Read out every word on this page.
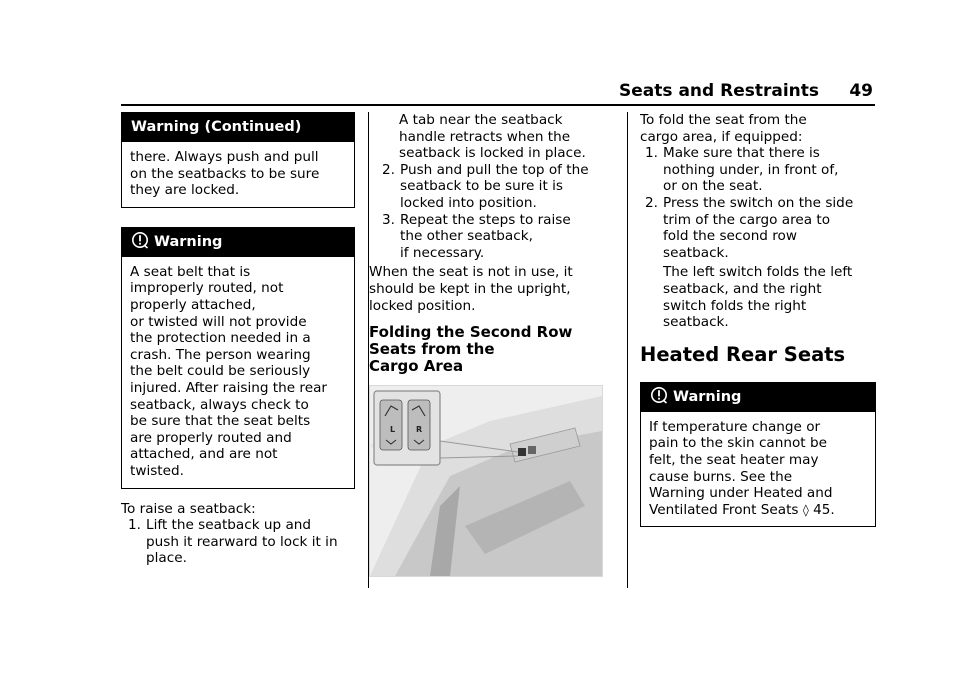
Seats and Restraints 49
Warning (Continued)
there. Always push and pull
on the seatbacks to be sure
they are locked.
Warning
A seat belt that is
improperly routed, not
properly attached,
or twisted will not provide
the protection needed in a
crash. The person wearing
the belt could be seriously
injured. After raising the rear
seatback, always check to
be sure that the seat belts
are properly routed and
attached, and are not
twisted.

To raise a seatback:

1. Lift the seatback up and
push it rearward to lock it in
place.
A tab near the seatback
handle retracts when the
seatback is locked in place.
2. Push and pull the top of the
seatback to be sure it is
locked into position.
3. Repeat the steps to raise
the other seatback,
if necessary.
When the seat is not in use, it
should be kept in the upright,
locked position.
Folding the Second Row
Seats from the
Cargo Area
L	R
To fold the seat from the
cargo area, if equipped:
1. Make sure that there is
nothing under, in front of,
or on the seat.
2. Press the switch on the side
trim of the cargo area to
fold the second row
seatback.
The left switch folds the left
seatback, and the right
switch folds the right
seatback.
Heated Rear Seats
Warning
If temperature change or
pain to the skin cannot be
felt, the seat heater may
cause burns. See the
Warning under Heated and
Ventilated Front Seats ◊ 45.
